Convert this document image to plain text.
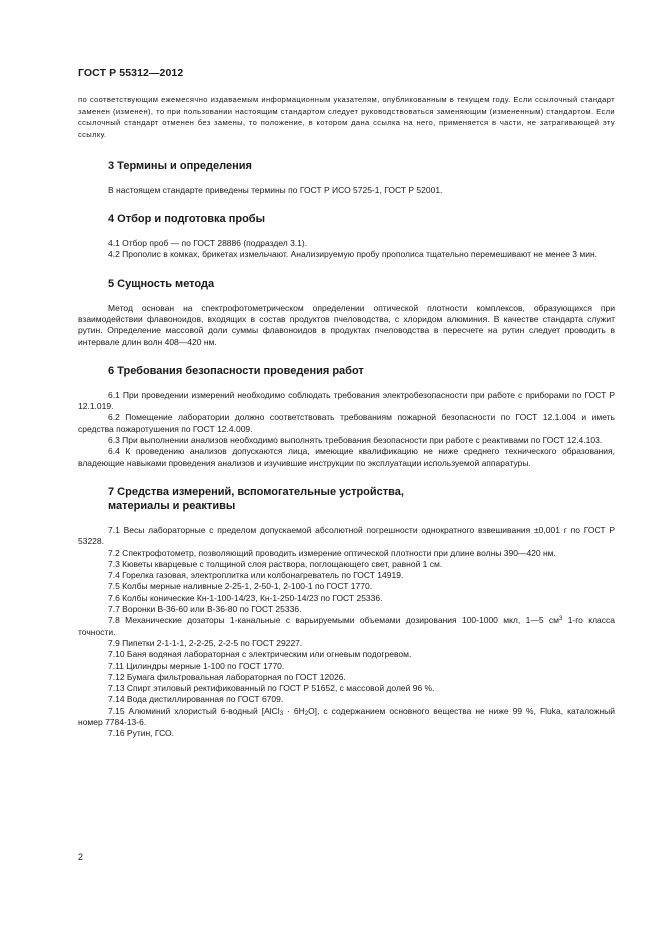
ГОСТ Р 55312—2012

по соответствующим ежемесячно издаваемым информационным указателям, опубликованным в текущем году. Если ссылочный стандарт заменен (изменен), то при пользовании настоящим стандартом следует руководствоваться заменяющим (измененным) стандартом. Если ссылочный стандарт отменен без замены, то положение, в котором дана ссылка на него, применяется в части, не затрагивающей эту ссылку.

3 Термины и определения

В настоящем стандарте приведены термины по ГОСТ Р ИСО 5725-1, ГОСТ Р 52001.

4 Отбор и подготовка пробы

4.1 Отбор проб — по ГОСТ 28886 (подраздел 3.1).

4.2 Прополис в комках, брикетах измельчают. Анализируемую пробу прополиса тщательно перемешивают не менее 3 мин.

5 Сущность метода

Метод основан на спектрофотометрическом определении оптической плотности комплексов, образующихся при взаимодействии флавоноидов, входящих в состав продуктов пчеловодства, с хлоридом алюминия. В качестве стандарта служит рутин. Определение массовой доли суммы флавоноидов в продуктах пчеловодства в пересчете на рутин следует проводить в интервале длин волн 408—420 нм.

6 Требования безопасности проведения работ

6.1 При проведении измерений необходимо соблюдать требования электробезопасности при работе с приборами по ГОСТ Р 12.1.019.

6.2 Помещение лаборатории должно соответствовать требованиям пожарной безопасности по ГОСТ 12.1.004 и иметь средства пожаротушения по ГОСТ 12.4.009.

6.3 При выполнении анализов необходимо выполнять требования безопасности при работе с реактивами по ГОСТ 12.4.103.

6.4 К проведению анализов допускаются лица, имеющие квалификацию не ниже среднего технического образования, владеющие навыками проведения анализов и изучившие инструкции по эксплуатации используемой аппаратуры.

7 Средства измерений, вспомогательные устройства,
материалы и реактивы

7.1 Весы лабораторные с пределом допускаемой абсолютной погрешности однократного взвешивания ±0,001 г по ГОСТ Р 53228.

7.2 Спектрофотометр, позволяющий проводить измерение оптической плотности при длине волны 390—420 нм.

7.3 Кюветы кварцевые с толщиной слоя раствора, поглощающего свет, равной 1 см.

7.4 Горелка газовая, электроплитка или колбонагреватель по ГОСТ 14919.

7.5 Колбы мерные наливные 2-25-1, 2-50-1, 2-100-1 по ГОСТ 1770.

7.6 Колбы конические Кн-1-100-14/23, Кн-1-250-14/23 по ГОСТ 25336.

7.7 Воронки В-36-60 или В-36-80 по ГОСТ 25336.

7.8 Механические дозаторы 1-канальные с варьируемыми объемами дозирования 100-1000 мкл, 1—5 $см^3$ 1-го класса точности.

7.9 Пипетки 2-1-1-1, 2-2-25, 2-2-5 по ГОСТ 29227.

7.10 Баня водяная лабораторная с электрическим или огневым подогревом.

7.11 Цилиндры мерные 1-100 по ГОСТ 1770.

7.12 Бумага фильтровальная лабораторная по ГОСТ 12026.

7.13 Спирт этиловый ректификованный по ГОСТ Р 51652, с массовой долей 96 %.

7.14 Вода дистиллированная по ГОСТ 6709.

7.15 Алюминий хлористый 6-водный [AlCl$_3$ · $6H_2O$], с содержанием основного вещества не ниже 99 %, Fluka, каталожный номер 7784-13-6.

7.16 Рутин, ГСО.

2
